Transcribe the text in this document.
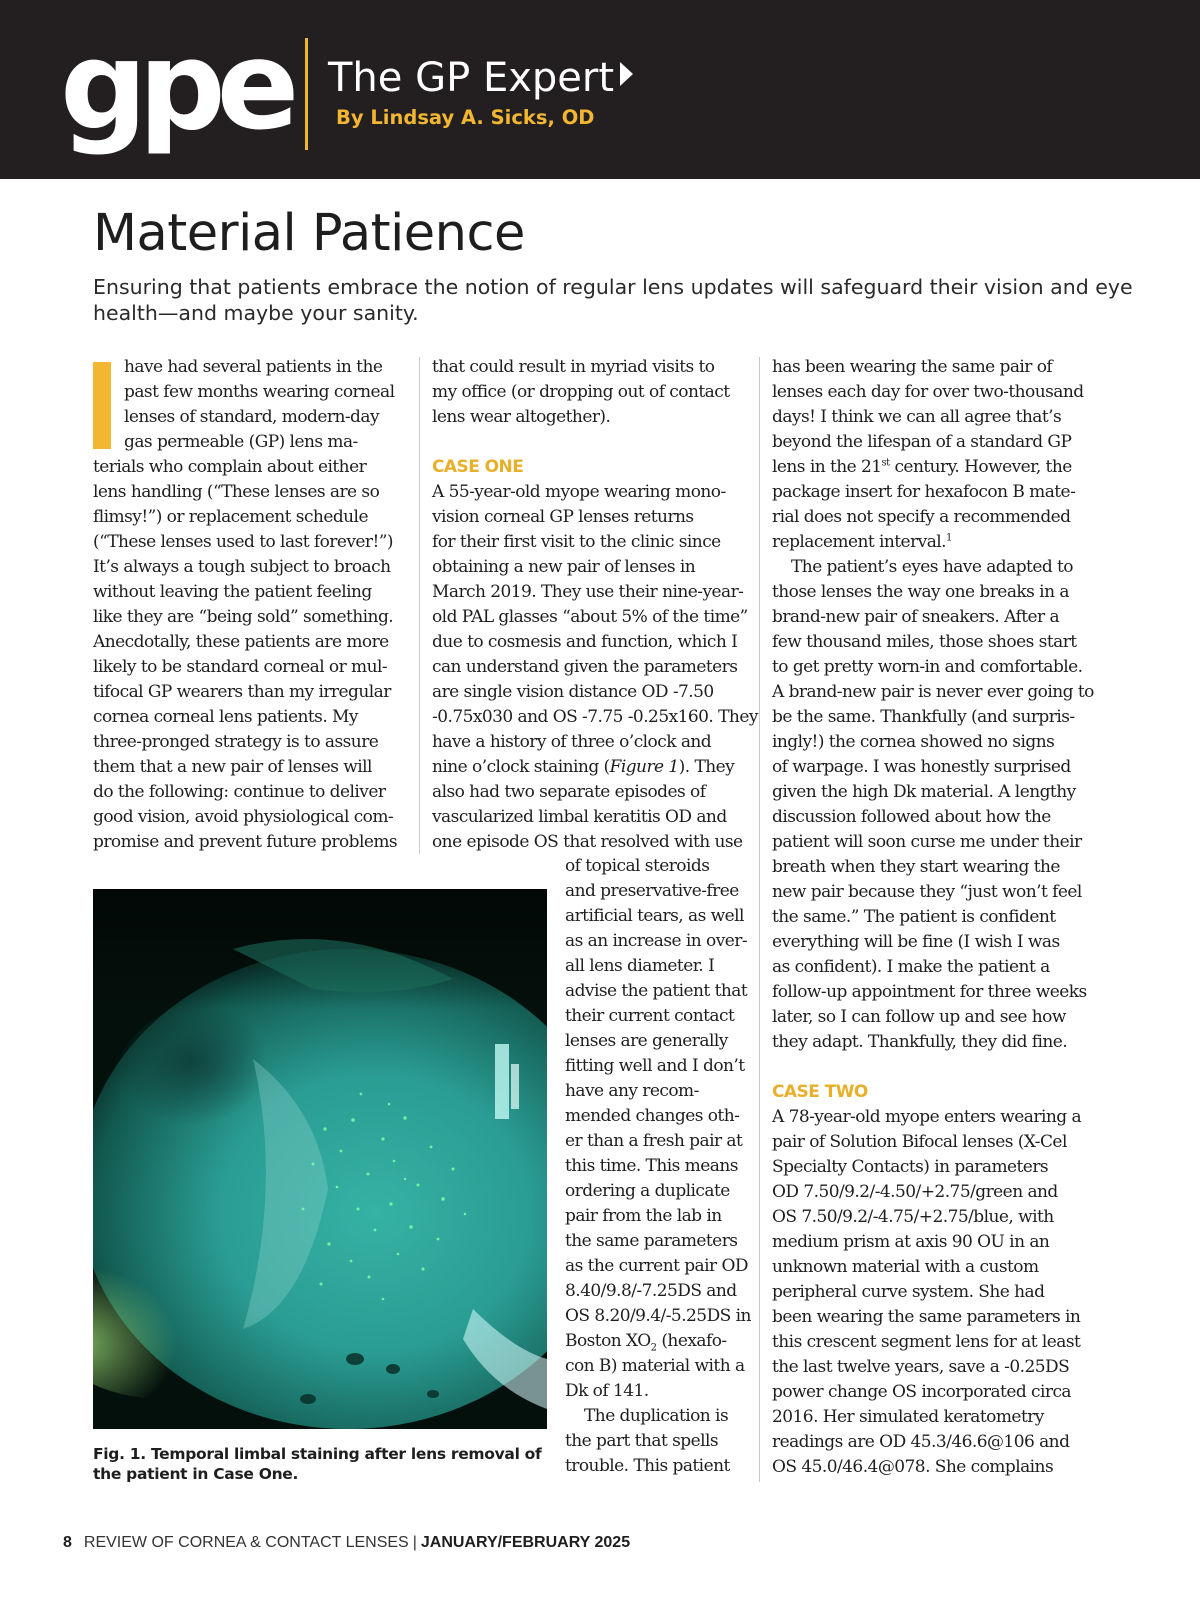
gpe The GP Expert
By Lindsay A. Sicks, OD
Material Patience
Ensuring that patients embrace the notion of regular lens updates will safeguard their vision and eye
health—and maybe your sanity.
have had several patients in the
past few months wearing corneal
lenses of standard, modern-day
gas permeable (GP) lens ma-
terials who complain about either
lens handling (“These lenses are so
flimsy!”) or replacement schedule
(“These lenses used to last forever!”)
It’s always a tough subject to broach
without leaving the patient feeling
like they are “being sold” something.
Anecdotally, these patients are more
likely to be standard corneal or mul-
tifocal GP wearers than my irregular
cornea corneal lens patients. My
three-pronged strategy is to assure
them that a new pair of lenses will
do the following: continue to deliver
good vision, avoid physiological com-
promise and prevent future problems
that could result in myriad visits to
my office (or dropping out of contact
lens wear altogether).
CASE ONE
A 55-year-old myope wearing mono-
vision corneal GP lenses returns
for their first visit to the clinic since
obtaining a new pair of lenses in
March 2019. They use their nine-year-
old PAL glasses “about 5% of the time”
due to cosmesis and function, which I
can understand given the parameters
are single vision distance OD -7.50
-0.75x030 and OS -7.75 -0.25x160. They
have a history of three o’clock and
nine o’clock staining (Figure 1). They
also had two separate episodes of
vascularized limbal keratitis OD and
one episode OS that resolved with use
of topical steroids
and preservative-free
artificial tears, as well
as an increase in over-
all lens diameter. I
advise the patient that
their current contact
lenses are generally
fitting well and I don’t
have any recom-
mended changes oth-
er than a fresh pair at
this time. This means
ordering a duplicate
pair from the lab in
the same parameters
as the current pair OD
8.40/9.8/-7.25DS and
OS 8.20/9.4/-5.25DS in
Boston $XO_2$ (hexafo-
con B) material with a
Dk of 141.
The duplication is
the part that spells
trouble. This patient
has been wearing the same pair of
lenses each day for over two-thousand
days! I think we can all agree that’s
beyond the lifespan of a standard GP
lens in the 21st century. However, the
package insert for hexafocon B mate-
rial does not specify a recommended
replacement interval.$^1$
The patient’s eyes have adapted to
those lenses the way one breaks in a
brand-new pair of sneakers. After a
few thousand miles, those shoes start
to get pretty worn-in and comfortable.
A brand-new pair is never ever going to
be the same. Thankfully (and surpris-
ingly!) the cornea showed no signs
of warpage. I was honestly surprised
given the high Dk material. A lengthy
discussion followed about how the
patient will soon curse me under their
breath when they start wearing the
new pair because they “just won’t feel
the same.” The patient is confident
everything will be fine (I wish I was
as confident). I make the patient a
follow-up appointment for three weeks
later, so I can follow up and see how
they adapt. Thankfully, they did fine.
CASE TWO
A 78-year-old myope enters wearing a
pair of Solution Bifocal lenses (X-Cel
Specialty Contacts) in parameters
OD 7.50/9.2/-4.50/+2.75/green and
OS 7.50/9.2/-4.75/+2.75/blue, with
medium prism at axis 90 OU in an
unknown material with a custom
peripheral curve system. She had
been wearing the same parameters in
this crescent segment lens for at least
the last twelve years, save a -0.25DS
power change OS incorporated circa
2016. Her simulated keratometry
readings are OD 45.3/46.6@106 and
OS 45.0/46.4@078. She complains
Fig. 1. Temporal limbal staining after lens removal of
the patient in Case One.
8 REVIEW OF CORNEA & CONTACT LENSES | JANUARY/FEBRUARY 2025
